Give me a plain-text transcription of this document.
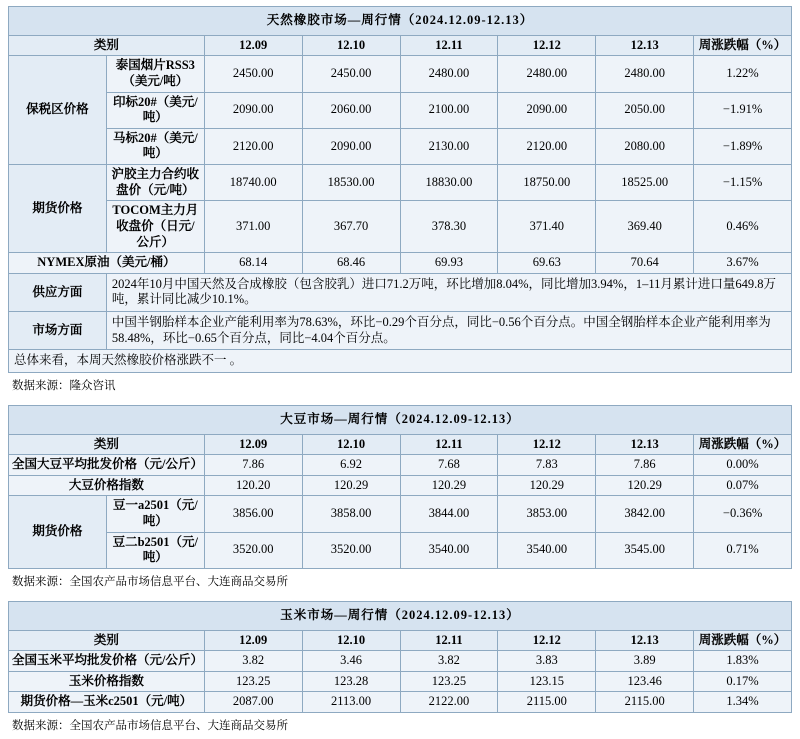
天然橡胶市场—周行情（2024.12.09-12.13）							
类别		12.09	12.10	12.11	12.12	12.13	周涨跌幅（%）
保税区价格	泰国烟片RSS3（美元/吨）	2450.00	2450.00	2480.00	2480.00	2480.00	1.22%
	印标20#（美元/吨）	2090.00	2060.00	2100.00	2090.00	2050.00	−1.91%
	马标20#（美元/吨）	2120.00	2090.00	2130.00	2120.00	2080.00	−1.89%
期货价格	沪胶主力合约收盘价（元/吨）	18740.00	18530.00	18830.00	18750.00	18525.00	−1.15%
	TOCOM主力月收盘价（日元/公斤）	371.00	367.70	378.30	371.40	369.40	0.46%
NYMEX原油（美元/桶）		68.14	68.46	69.93	69.63	70.64	3.67%
供应方面	2024年10月中国天然及合成橡胶（包含胶乳）进口71.2万吨，环比增加8.04%，同比增加3.94%，1–11月累计进口量649.8万吨，累计同比减少10.1%。						
市场方面	中国半钢胎样本企业产能利用率为78.63%，环比−0.29个百分点，同比−0.56个百分点。中国全钢胎样本企业产能利用率为58.48%，环比−0.65个百分点，同比−4.04个百分点。						
总体来看，本周天然橡胶价格涨跌不一 。							
数据来源：隆众咨讯
大豆市场—周行情（2024.12.09-12.13）							
类别		12.09	12.10	12.11	12.12	12.13	周涨跌幅（%）
全国大豆平均批发价格（元/公斤）		7.86	6.92	7.68	7.83	7.86	0.00%
大豆价格指数		120.20	120.29	120.29	120.29	120.29	0.07%
期货价格	豆一a2501（元/吨）	3856.00	3858.00	3844.00	3853.00	3842.00	−0.36%
	豆二b2501（元/吨）	3520.00	3520.00	3540.00	3540.00	3545.00	0.71%
数据来源：全国农产品市场信息平台、大连商品交易所
玉米市场—周行情（2024.12.09-12.13）						
类别	12.09	12.10	12.11	12.12	12.13	周涨跌幅（%）
全国玉米平均批发价格（元/公斤）	3.82	3.46	3.82	3.83	3.89	1.83%
玉米价格指数	123.25	123.28	123.25	123.15	123.46	0.17%
期货价格—玉米c2501（元/吨）	2087.00	2113.00	2122.00	2115.00	2115.00	1.34%
数据来源：全国农产品市场信息平台、大连商品交易所
